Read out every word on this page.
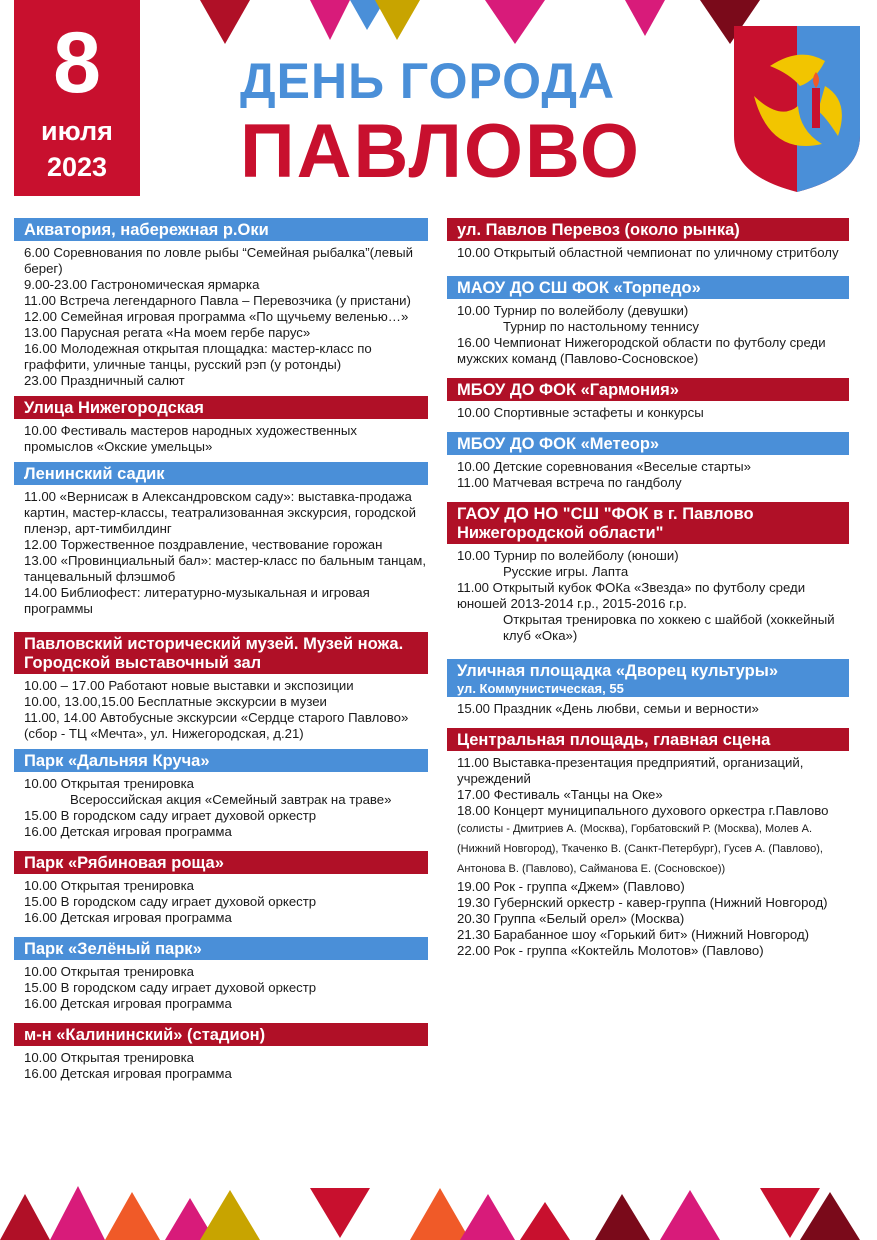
8
июля
2023
ДЕНЬ ГОРОДА
ПАВЛОВО
Акватория, набережная р.Оки
6.00 Соревнования по ловле рыбы “Семейная рыбалка”(левый берег)
9.00-23.00 Гастрономическая ярмарка
11.00 Встреча легендарного Павла – Перевозчика (у пристани)
12.00 Семейная игровая программа «По щучьему веленью…»
13.00 Парусная регата «На моем гербе парус»
16.00 Молодежная открытая площадка: мастер-класс по граффити, уличные танцы, русский рэп (у ротонды)
23.00 Праздничный салют
Улица Нижегородская
10.00 Фестиваль мастеров народных художественных промыслов «Окские умельцы»
Ленинский садик
11.00 «Вернисаж в Александровском саду»: выставка-продажа картин, мастер-классы, театрализованная экскурсия, городской пленэр, арт-тимбилдинг
12.00 Торжественное поздравление, чествование горожан
13.00 «Провинциальный бал»: мастер-класс по бальным танцам, танцевальный флэшмоб
14.00 Библиофест: литературно-музыкальная и игровая программы
Павловский исторический музей. Музей ножа. Городской выставочный зал
10.00 – 17.00 Работают новые выставки и экспозиции
10.00, 13.00,15.00 Бесплатные экскурсии в музеи
11.00, 14.00 Автобусные экскурсии «Сердце старого Павлово» (сбор - ТЦ «Мечта», ул. Нижегородская, д.21)
Парк «Дальняя Круча»
10.00 Открытая тренировка
Всероссийская акция «Семейный завтрак на траве»
15.00 В городском саду играет духовой оркестр
16.00 Детская игровая программа
Парк «Рябиновая роща»
10.00 Открытая тренировка
15.00 В городском саду играет духовой оркестр
16.00 Детская игровая программа
Парк «Зелёный парк»
10.00 Открытая тренировка
15.00 В городском саду играет духовой оркестр
16.00 Детская игровая программа
м-н «Калининский» (стадион)
10.00 Открытая тренировка
16.00 Детская игровая программа
ул. Павлов Перевоз (около рынка)
10.00 Открытый областной чемпионат по уличному стритболу
МАОУ ДО СШ ФОК «Торпедо»
10.00 Турнир по волейболу (девушки)
Турнир по настольному теннису
16.00 Чемпионат Нижегородской области по футболу среди мужских команд (Павлово-Сосновское)
МБОУ ДО ФОК «Гармония»
10.00 Спортивные эстафеты и конкурсы
МБОУ ДО ФОК «Метеор»
10.00 Детские соревнования «Веселые старты»
11.00 Матчевая встреча по гандболу
ГАОУ ДО НО "СШ "ФОК в г. Павлово Нижегородской области"
10.00 Турнир по волейболу (юноши)
Русские игры. Лапта
11.00 Открытый кубок ФОКа «Звезда» по футболу среди юношей 2013-2014 г.р., 2015-2016 г.р.
Открытая тренировка по хоккею с шайбой (хоккейный клуб «Ока»)
Уличная площадка «Дворец культуры»
ул. Коммунистическая, 55
15.00 Праздник «День любви, семьи и верности»
Центральная площадь, главная сцена
11.00 Выставка-презентация предприятий, организаций, учреждений
17.00 Фестиваль «Танцы на Оке»
18.00 Концерт муниципального духового оркестра г.Павлово
(солисты - Дмитриев А. (Москва), Горбатовский Р. (Москва), Молев А. (Нижний Новгород), Ткаченко В. (Санкт-Петербург), Гусев А. (Павлово), Антонова В. (Павлово), Сайманова Е. (Сосновское))
19.00 Рок - группа «Джем» (Павлово)
19.30 Губернский оркестр - кавер-группа (Нижний Новгород)
20.30 Группа «Белый орел» (Москва)
21.30 Барабанное шоу «Горький бит» (Нижний Новгород)
22.00 Рок - группа «Коктейль Молотов» (Павлово)
